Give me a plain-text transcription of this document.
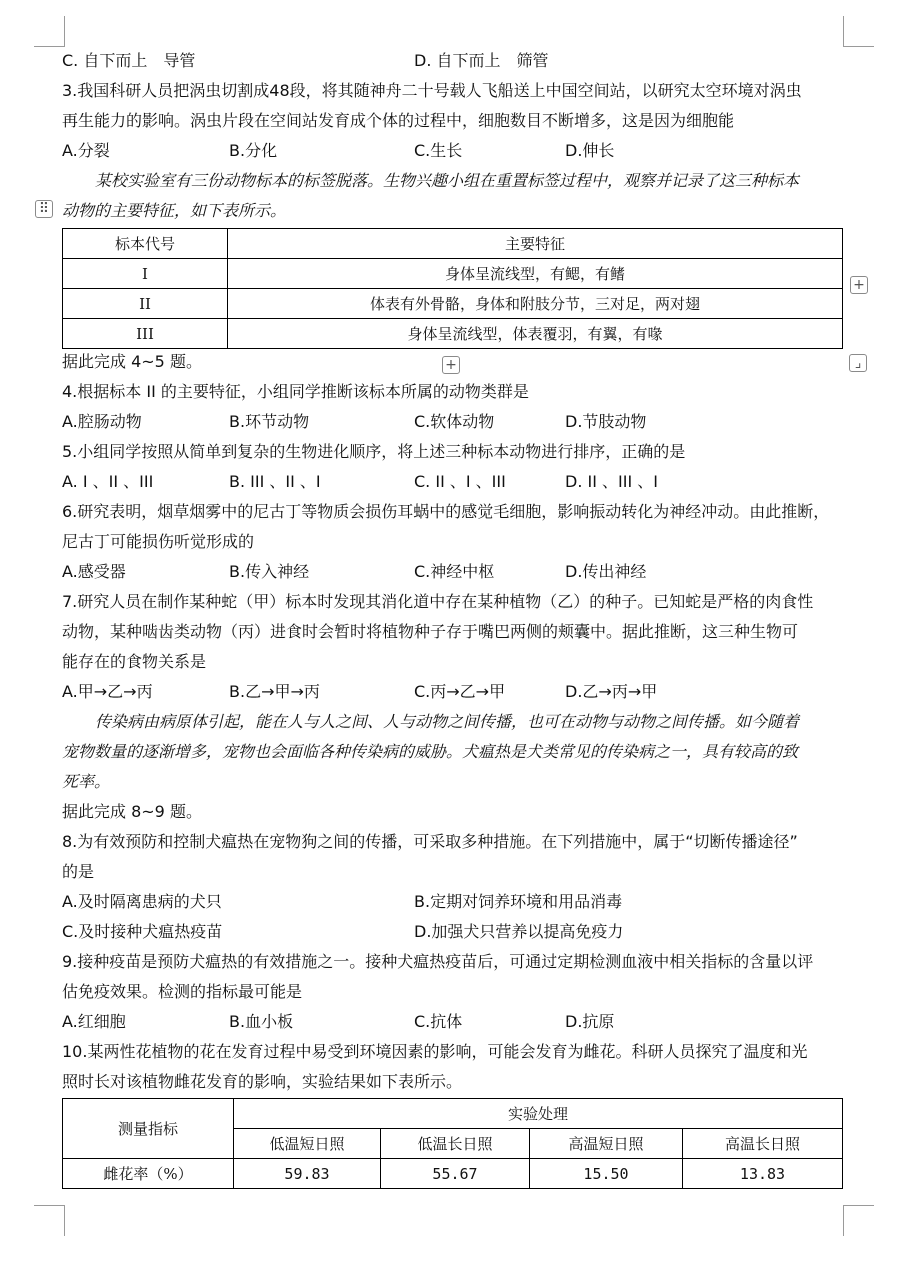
C. 自下而上　导管	D. 自下而上　筛管
3.我国科研人员把涡虫切割成48段，将其随神舟二十号载人飞船送上中国空间站，以研究太空环境对涡虫
再生能力的影响。涡虫片段在空间站发育成个体的过程中，细胞数目不断增多，这是因为细胞能
A.分裂	B.分化	C.生长	D.伸长
某校实验室有三份动物标本的标签脱落。生物兴趣小组在重置标签过程中，观察并记录了这三种标本
⠿ 动物的主要特征，如下表所示。
标本代号	主要特征
I	身体呈流线型，有鳃，有鳍
II	体表有外骨骼，身体和附肢分节，三对足，两对翅
III	身体呈流线型，体表覆羽，有翼，有喙
+
+	⌟
据此完成 4~5 题。
4.根据标本 II 的主要特征，小组同学推断该标本所属的动物类群是
A.腔肠动物	B.环节动物	C.软体动物	D.节肢动物
5.小组同学按照从简单到复杂的生物进化顺序，将上述三种标本动物进行排序，正确的是
A. I 、II 、III	B. III 、II 、I	C. II 、I 、III	D. II 、III 、I
6.研究表明，烟草烟雾中的尼古丁等物质会损伤耳蜗中的感觉毛细胞，影响振动转化为神经冲动。由此推断，
尼古丁可能损伤听觉形成的
A.感受器	B.传入神经	C.神经中枢	D.传出神经
7.研究人员在制作某种蛇（甲）标本时发现其消化道中存在某种植物（乙）的种子。已知蛇是严格的肉食性
动物，某种啮齿类动物（丙）进食时会暂时将植物种子存于嘴巴两侧的颊囊中。据此推断，这三种生物可
能存在的食物关系是
A.甲→乙→丙	B.乙→甲→丙	C.丙→乙→甲	D.乙→丙→甲
传染病由病原体引起，能在人与人之间、人与动物之间传播，也可在动物与动物之间传播。如今随着
宠物数量的逐渐增多，宠物也会面临各种传染病的威胁。犬瘟热是犬类常见的传染病之一，具有较高的致
死率。
据此完成 8~9 题。
8.为有效预防和控制犬瘟热在宠物狗之间的传播，可采取多种措施。在下列措施中，属于“切断传播途径”
的是
A.及时隔离患病的犬只	B.定期对饲养环境和用品消毒
C.及时接种犬瘟热疫苗	D.加强犬只营养以提高免疫力
9.接种疫苗是预防犬瘟热的有效措施之一。接种犬瘟热疫苗后，可通过定期检测血液中相关指标的含量以评
估免疫效果。检测的指标最可能是
A.红细胞	B.血小板	C.抗体	D.抗原
10.某两性花植物的花在发育过程中易受到环境因素的影响，可能会发育为雌花。科研人员探究了温度和光
照时长对该植物雌花发育的影响，实验结果如下表所示。
测量指标	实验处理			
	低温短日照	低温长日照	高温短日照	高温长日照
雌花率（%）	59.83	55.67	15.50	13.83
